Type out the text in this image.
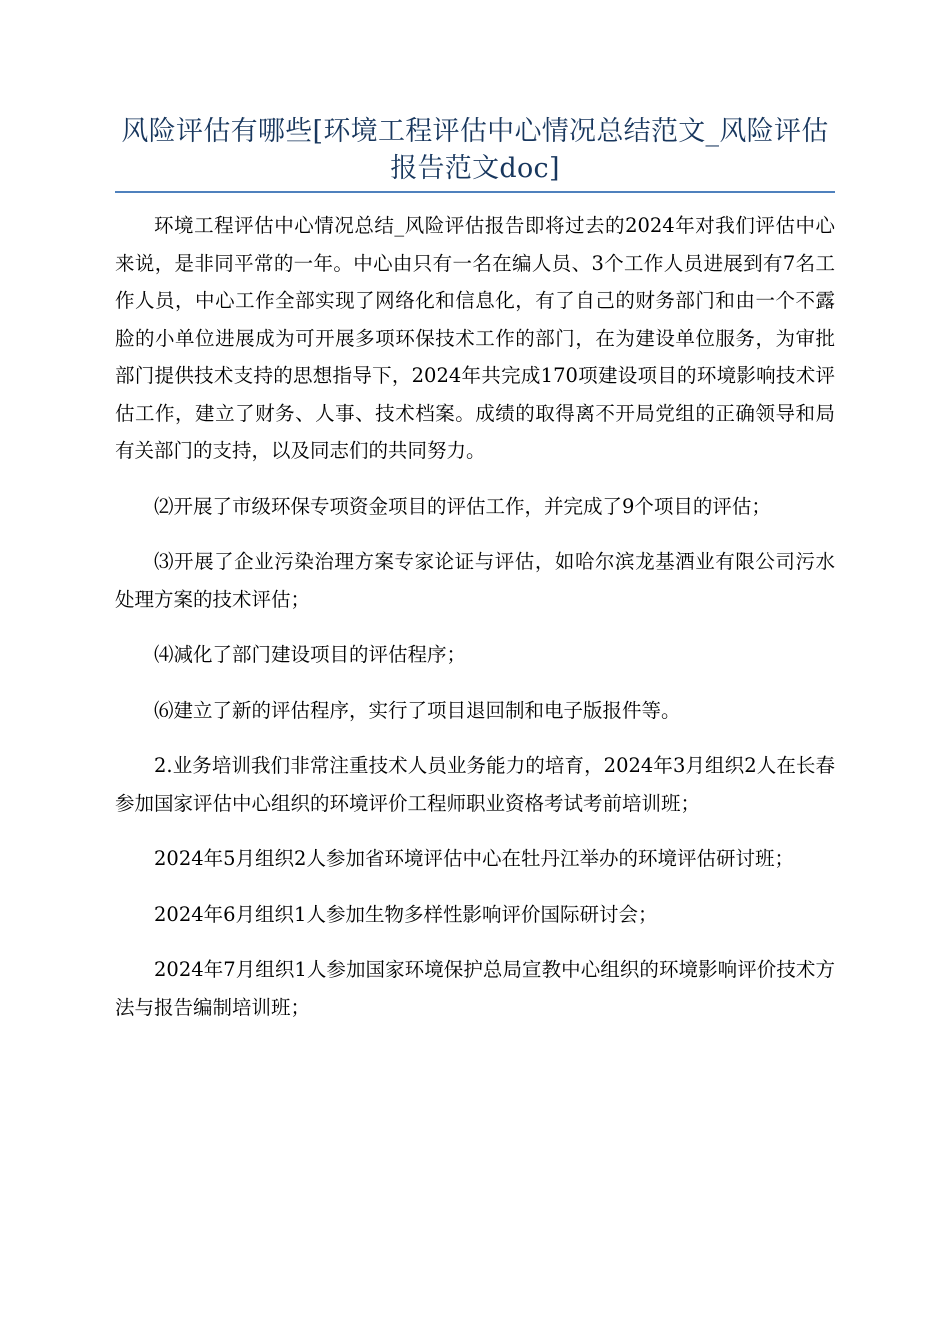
风险评估有哪些[环境工程评估中心情况总结范文_风险评估报告范文doc]

环境工程评估中心情况总结_风险评估报告即将过去的2024年对我们评估中心来说，是非同平常的一年。中心由只有一名在编人员、3个工作人员进展到有7名工作人员，中心工作全部实现了网络化和信息化，有了自己的财务部门和由一个不露脸的小单位进展成为可开展多项环保技术工作的部门，在为建设单位服务，为审批部门提供技术支持的思想指导下，2024年共完成170项建设项目的环境影响技术评估工作，建立了财务、人事、技术档案。成绩的取得离不开局党组的正确领导和局有关部门的支持，以及同志们的共同努力。

⑵开展了市级环保专项资金项目的评估工作，并完成了9个项目的评估；

⑶开展了企业污染治理方案专家论证与评估，如哈尔滨龙基酒业有限公司污水处理方案的技术评估；

⑷减化了部门建设项目的评估程序；

⑹建立了新的评估程序，实行了项目退回制和电子版报件等。

2.业务培训我们非常注重技术人员业务能力的培育，2024年3月组织2人在长春参加国家评估中心组织的环境评价工程师职业资格考试考前培训班；

2024年5月组织2人参加省环境评估中心在牡丹江举办的环境评估研讨班；

2024年6月组织1人参加生物多样性影响评价国际研讨会；

2024年7月组织1人参加国家环境保护总局宣教中心组织的环境影响评价技术方法与报告编制培训班；
